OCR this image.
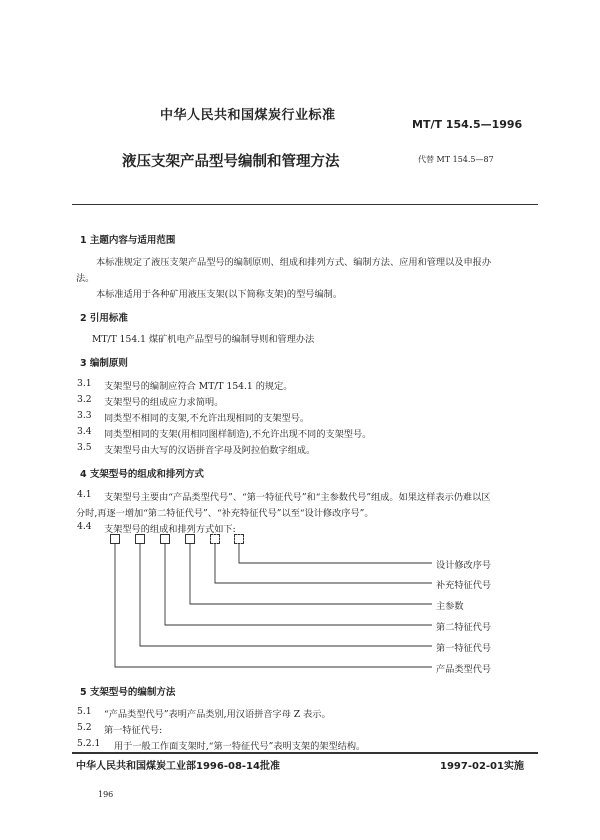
中华人民共和国煤炭行业标准
MT/T 154.5—1996
液压支架产品型号编制和管理方法	代替 MT 154.5—87
1 主题内容与适用范围
本标准规定了液压支架产品型号的编制原则、组成和排列方式、编制方法、应用和管理以及申报办
法。
本标准适用于各种矿用液压支架(以下简称支架)的型号编制。
2 引用标准
MT/T 154.1 煤矿机电产品型号的编制导则和管理办法
3 编制原则
3.1 支架型号的编制应符合 MT/T 154.1 的规定。
3.2 支架型号的组成应力求简明。
3.3 同类型不相同的支架,不允许出现相同的支架型号。
3.4 同类型相同的支架(用相同图样制造),不允许出现不同的支架型号。
3.5 支架型号由大写的汉语拼音字母及阿拉伯数字组成。
4 支架型号的组成和排列方式
4.1 支架型号主要由“产品类型代号”、“第一特征代号”和“主参数代号”组成。如果这样表示仍难以区
分时,再逐一增加“第二特征代号”、“补充特征代号”以至“设计修改序号”。
4.4 支架型号的组成和排列方式如下:
设计修改序号
补充特征代号
主参数
第二特征代号
第一特征代号
产品类型代号
5 支架型号的编制方法
5.1 “产品类型代号”表明产品类别,用汉语拼音字母 Z 表示。
5.2 第一特征代号:
5.2.1 用于一般工作面支架时,“第一特征代号”表明支架的架型结构。
中华人民共和国煤炭工业部1996-08-14批准	1997-02-01实施
196
